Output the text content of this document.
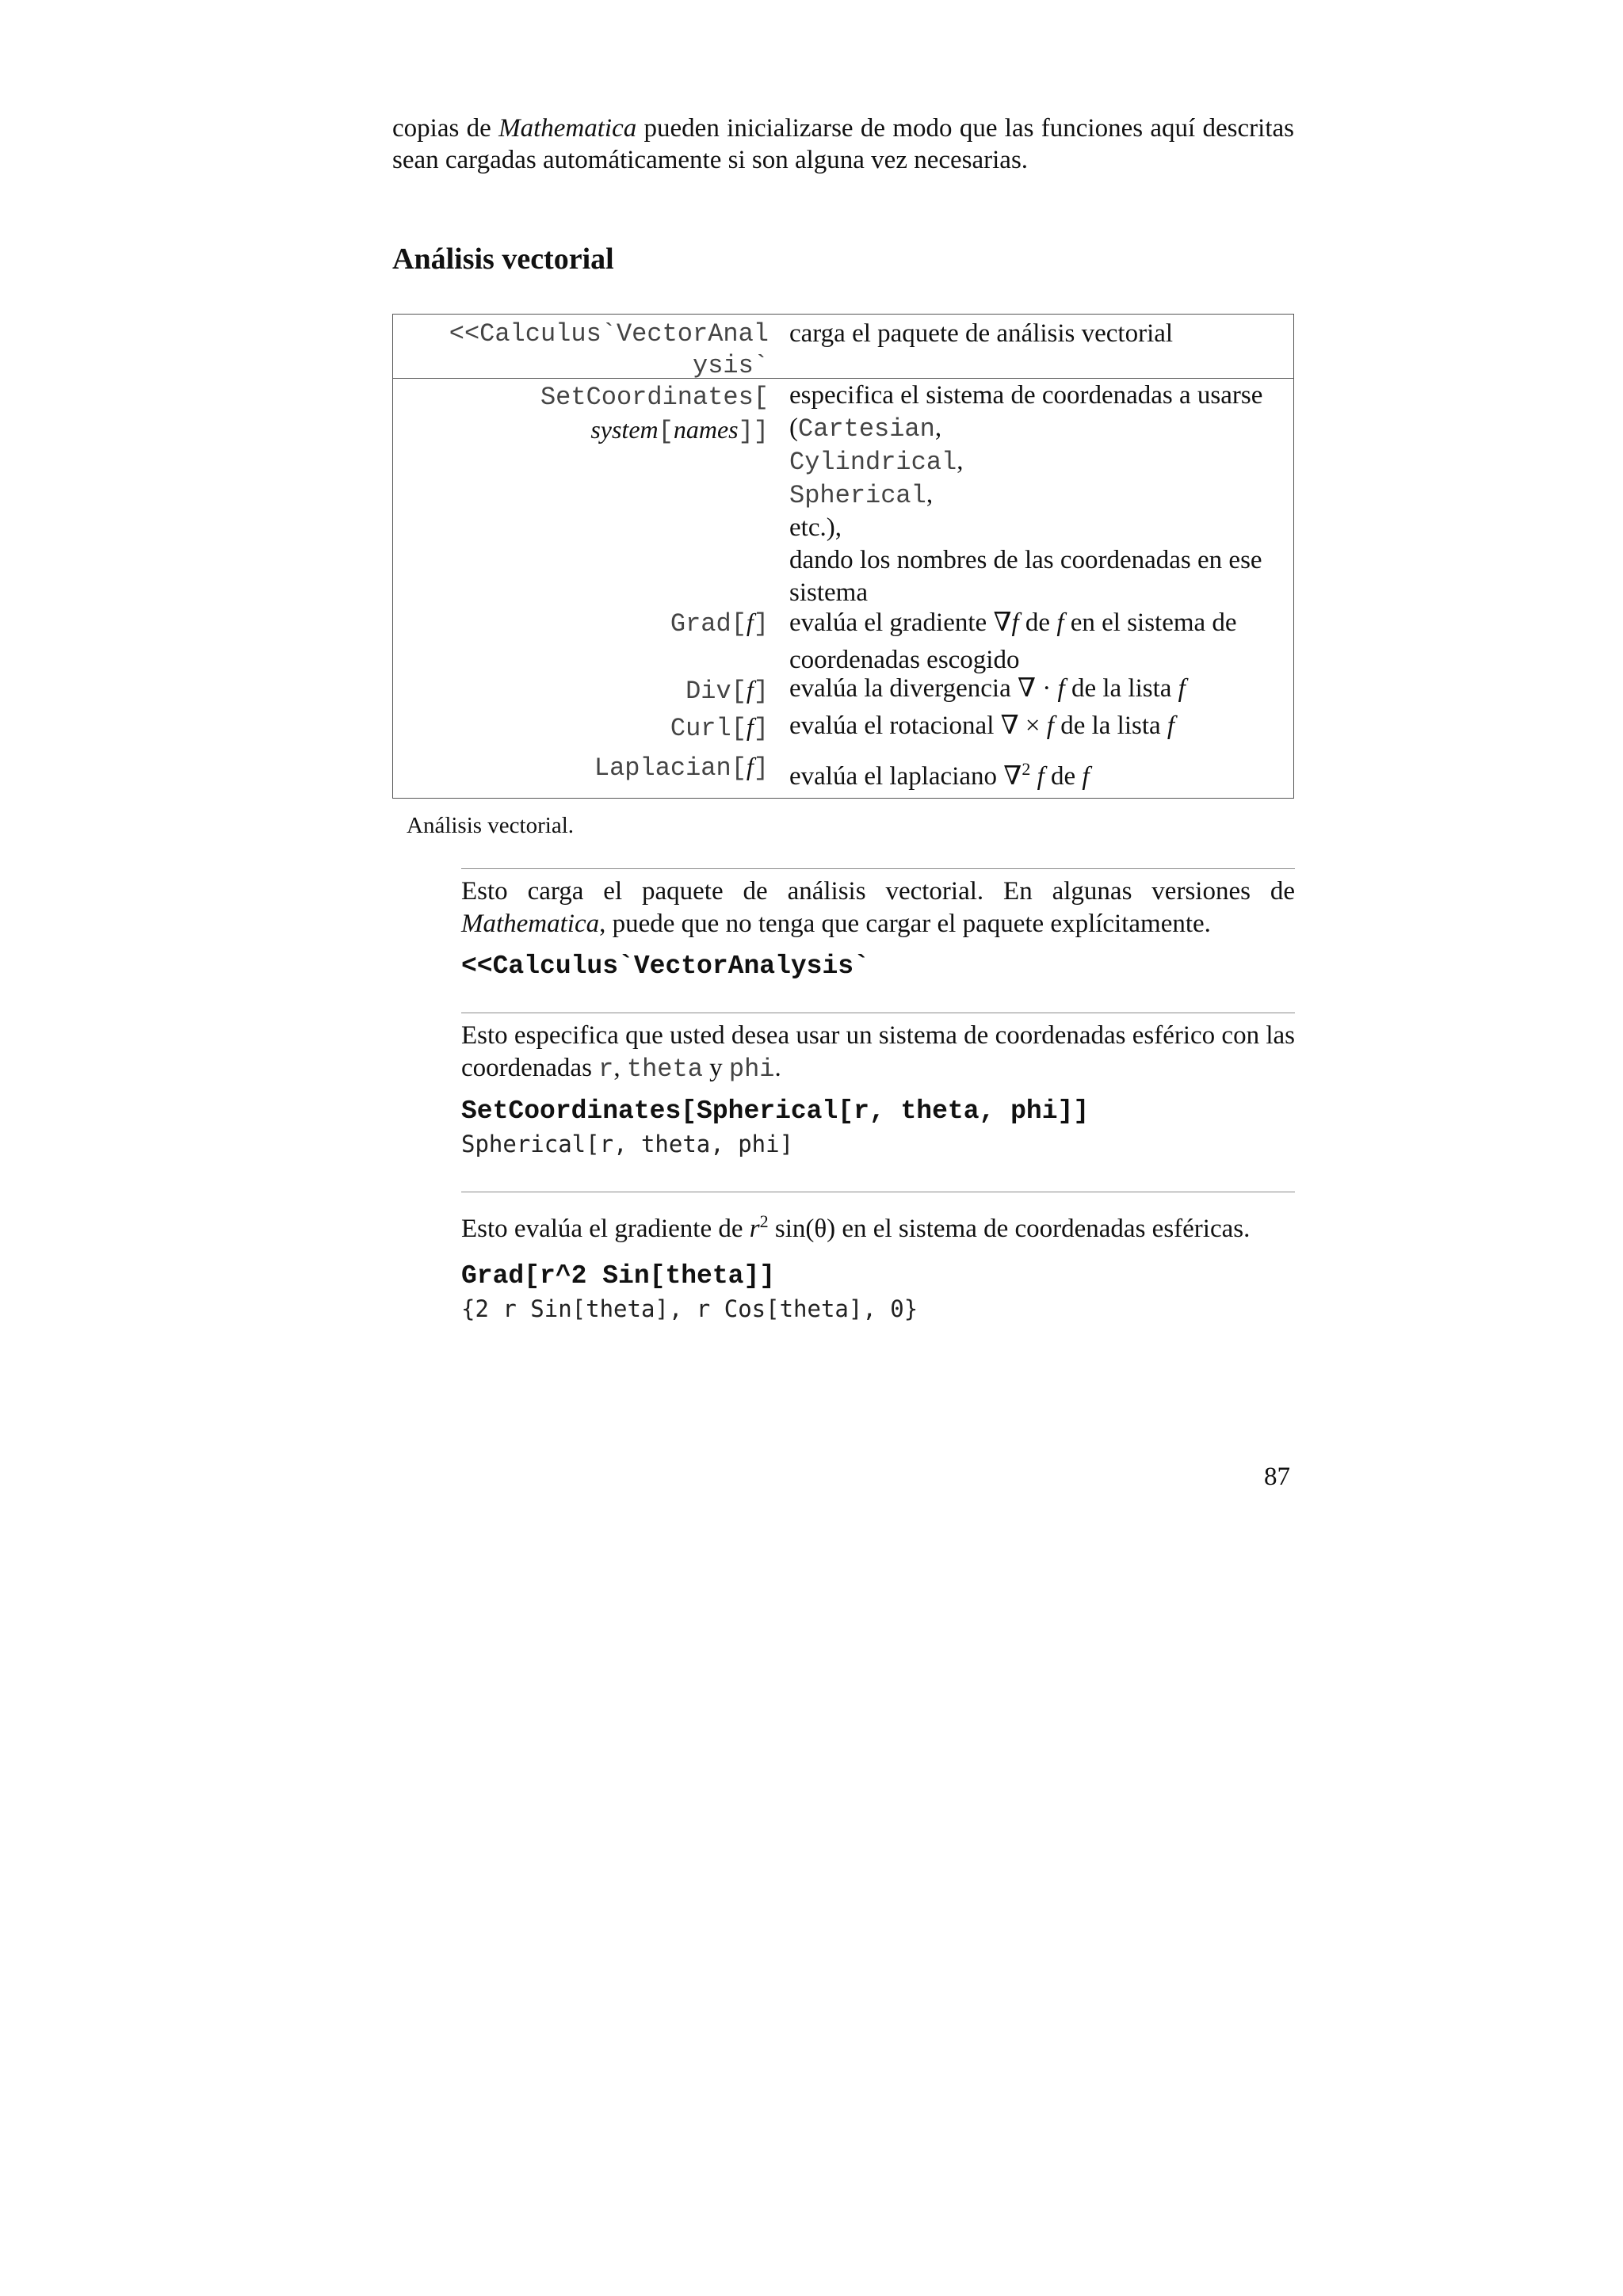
copias de Mathematica pueden inicializarse de modo que las funciones aquí descritas sean cargadas automáticamente si son alguna vez necesarias.
Análisis vectorial
<<Calculus`VectorAnal
ysis`
carga el paquete de análisis vectorial
SetCoordinates[
system[names]]
especifica el sistema de coordenadas a usarse
(Cartesian,
Cylindrical,
Spherical,
etc.),
dando los nombres de las coordenadas en ese sistema
Grad[f] evalúa el gradiente ∇f de f en el sistema de coordenadas escogido
Div[f] evalúa la divergencia ∇ · f de la lista f
Curl[f] evalúa el rotacional ∇ × f de la lista f
Laplacian[f] evalúa el laplaciano ∇$^2$ f de f
Análisis vectorial.
Esto carga el paquete de análisis vectorial. En algunas versiones de Mathematica, puede que no tenga que cargar el paquete explícitamente.
<<Calculus`VectorAnalysis`
Esto especifica que usted desea usar un sistema de coordenadas esférico con las coordenadas r, theta y phi.
SetCoordinates[Spherical[r, theta, phi]]
Spherical[r, theta, phi]
Esto evalúa el gradiente de $r^2$ sin(θ) en el sistema de coordenadas esféricas.
Grad[r^2 Sin[theta]]
{2 r Sin[theta], r Cos[theta], 0}
87
